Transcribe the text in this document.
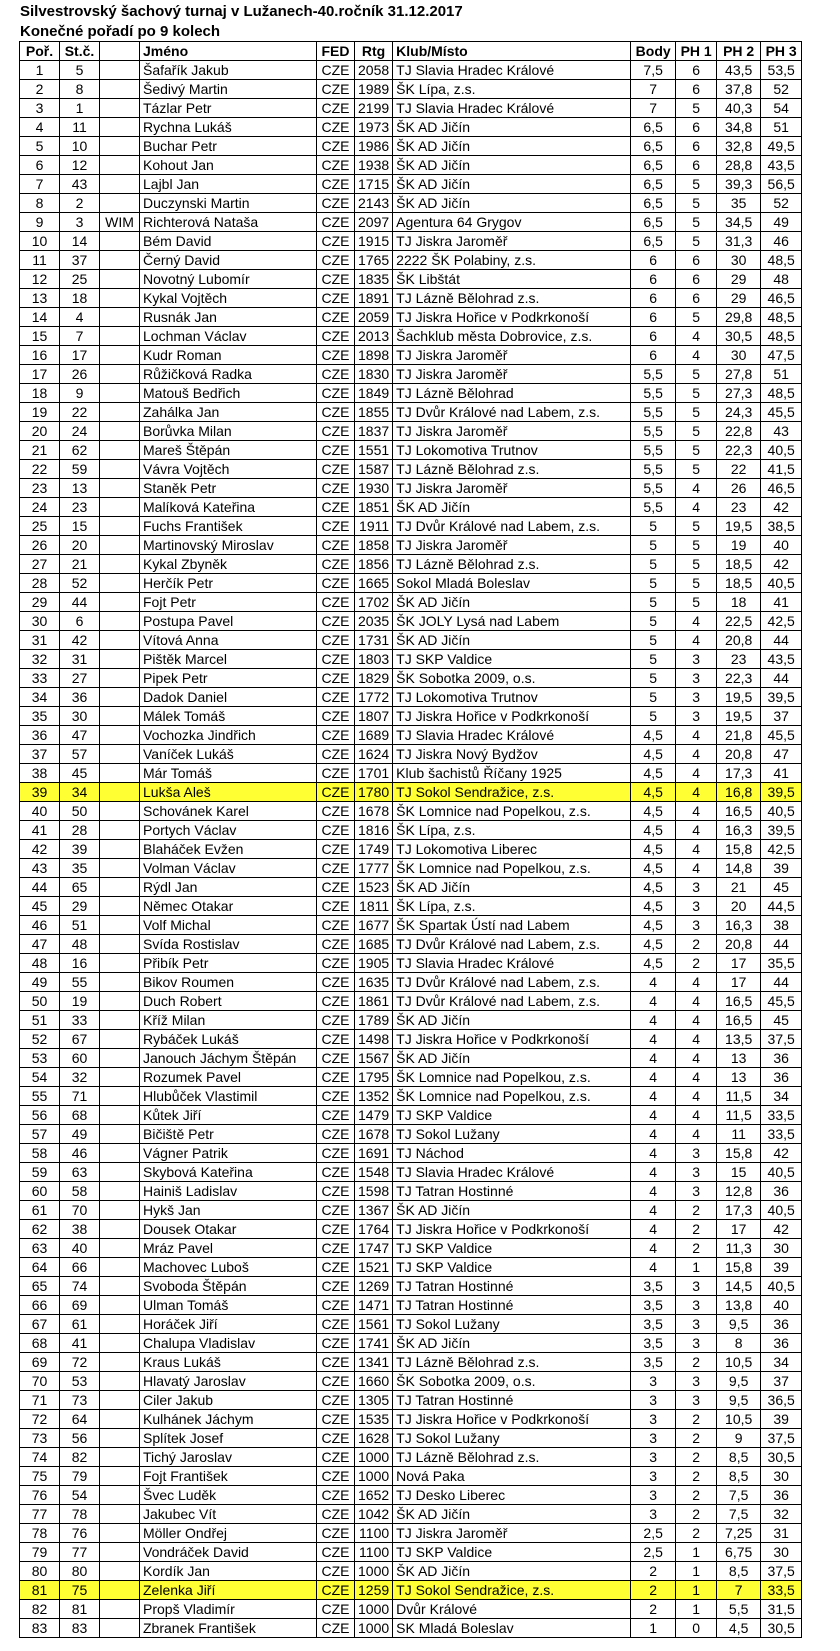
Silvestrovský šachový turnaj v Lužanech-40.ročník 31.12.2017
Konečné pořadí po 9 kolech
Poř.	St.č.		Jméno	FED	Rtg	Klub/Místo	Body	PH 1	PH 2	PH 3
1	5		Šafařík Jakub	CZE	2058	TJ Slavia Hradec Králové	7,5	6	43,5	53,5
2	8		Šedivý Martin	CZE	1989	ŠK Lípa, z.s.	7	6	37,8	52
3	1		Tázlar Petr	CZE	2199	TJ Slavia Hradec Králové	7	5	40,3	54
4	11		Rychna Lukáš	CZE	1973	ŠK AD Jičín	6,5	6	34,8	51
5	10		Buchar Petr	CZE	1986	ŠK AD Jičín	6,5	6	32,8	49,5
6	12		Kohout Jan	CZE	1938	ŠK AD Jičín	6,5	6	28,8	43,5
7	43		Lajbl Jan	CZE	1715	ŠK AD Jičín	6,5	5	39,3	56,5
8	2		Duczynski Martin	CZE	2143	ŠK AD Jičín	6,5	5	35	52
9	3	WIM	Richterová Nataša	CZE	2097	Agentura 64 Grygov	6,5	5	34,5	49
10	14		Bém David	CZE	1915	TJ Jiskra Jaroměř	6,5	5	31,3	46
11	37		Černý David	CZE	1765	2222 ŠK Polabiny, z.s.	6	6	30	48,5
12	25		Novotný Lubomír	CZE	1835	ŠK Libštát	6	6	29	48
13	18		Kykal Vojtěch	CZE	1891	TJ Lázně Bělohrad z.s.	6	6	29	46,5
14	4		Rusnák Jan	CZE	2059	TJ Jiskra Hořice v Podkrkonoší	6	5	29,8	48,5
15	7		Lochman Václav	CZE	2013	Šachklub města Dobrovice, z.s.	6	4	30,5	48,5
16	17		Kudr Roman	CZE	1898	TJ Jiskra Jaroměř	6	4	30	47,5
17	26		Růžičková Radka	CZE	1830	TJ Jiskra Jaroměř	5,5	5	27,8	51
18	9		Matouš Bedřich	CZE	1849	TJ Lázně Bělohrad	5,5	5	27,3	48,5
19	22		Zahálka Jan	CZE	1855	TJ Dvůr Králové nad Labem, z.s.	5,5	5	24,3	45,5
20	24		Borůvka Milan	CZE	1837	TJ Jiskra Jaroměř	5,5	5	22,8	43
21	62		Mareš Štěpán	CZE	1551	TJ Lokomotiva Trutnov	5,5	5	22,3	40,5
22	59		Vávra Vojtěch	CZE	1587	TJ Lázně Bělohrad z.s.	5,5	5	22	41,5
23	13		Staněk Petr	CZE	1930	TJ Jiskra Jaroměř	5,5	4	26	46,5
24	23		Malíková Kateřina	CZE	1851	ŠK AD Jičín	5,5	4	23	42
25	15		Fuchs František	CZE	1911	TJ Dvůr Králové nad Labem, z.s.	5	5	19,5	38,5
26	20		Martinovský Miroslav	CZE	1858	TJ Jiskra Jaroměř	5	5	19	40
27	21		Kykal Zbyněk	CZE	1856	TJ Lázně Bělohrad z.s.	5	5	18,5	42
28	52		Herčík Petr	CZE	1665	Sokol Mladá Boleslav	5	5	18,5	40,5
29	44		Fojt Petr	CZE	1702	ŠK AD Jičín	5	5	18	41
30	6		Postupa Pavel	CZE	2035	ŠK JOLY Lysá nad Labem	5	4	22,5	42,5
31	42		Vítová Anna	CZE	1731	ŠK AD Jičín	5	4	20,8	44
32	31		Pištěk Marcel	CZE	1803	TJ SKP Valdice	5	3	23	43,5
33	27		Pipek Petr	CZE	1829	ŠK Sobotka 2009, o.s.	5	3	22,3	44
34	36		Dadok Daniel	CZE	1772	TJ Lokomotiva Trutnov	5	3	19,5	39,5
35	30		Málek Tomáš	CZE	1807	TJ Jiskra Hořice v Podkrkonoší	5	3	19,5	37
36	47		Vochozka Jindřich	CZE	1689	TJ Slavia Hradec Králové	4,5	4	21,8	45,5
37	57		Vaníček Lukáš	CZE	1624	TJ Jiskra Nový Bydžov	4,5	4	20,8	47
38	45		Már Tomáš	CZE	1701	Klub šachistů Říčany 1925	4,5	4	17,3	41
39	34		Lukša Aleš	CZE	1780	TJ Sokol Sendražice, z.s.	4,5	4	16,8	39,5
40	50		Schovánek Karel	CZE	1678	ŠK Lomnice nad Popelkou, z.s.	4,5	4	16,5	40,5
41	28		Portych Václav	CZE	1816	ŠK Lípa, z.s.	4,5	4	16,3	39,5
42	39		Blaháček Evžen	CZE	1749	TJ Lokomotiva Liberec	4,5	4	15,8	42,5
43	35		Volman Václav	CZE	1777	ŠK Lomnice nad Popelkou, z.s.	4,5	4	14,8	39
44	65		Rýdl Jan	CZE	1523	ŠK AD Jičín	4,5	3	21	45
45	29		Němec Otakar	CZE	1811	ŠK Lípa, z.s.	4,5	3	20	44,5
46	51		Volf Michal	CZE	1677	ŠK Spartak Ústí nad Labem	4,5	3	16,3	38
47	48		Svída Rostislav	CZE	1685	TJ Dvůr Králové nad Labem, z.s.	4,5	2	20,8	44
48	16		Přibík Petr	CZE	1905	TJ Slavia Hradec Králové	4,5	2	17	35,5
49	55		Bikov Roumen	CZE	1635	TJ Dvůr Králové nad Labem, z.s.	4	4	17	44
50	19		Duch Robert	CZE	1861	TJ Dvůr Králové nad Labem, z.s.	4	4	16,5	45,5
51	33		Kříž Milan	CZE	1789	ŠK AD Jičín	4	4	16,5	45
52	67		Rybáček Lukáš	CZE	1498	TJ Jiskra Hořice v Podkrkonoší	4	4	13,5	37,5
53	60		Janouch Jáchym Štěpán	CZE	1567	ŠK AD Jičín	4	4	13	36
54	32		Rozumek Pavel	CZE	1795	ŠK Lomnice nad Popelkou, z.s.	4	4	13	36
55	71		Hlubůček Vlastimil	CZE	1352	ŠK Lomnice nad Popelkou, z.s.	4	4	11,5	34
56	68		Kůtek Jiří	CZE	1479	TJ SKP Valdice	4	4	11,5	33,5
57	49		Bičiště Petr	CZE	1678	TJ Sokol Lužany	4	4	11	33,5
58	46		Vágner Patrik	CZE	1691	TJ Náchod	4	3	15,8	42
59	63		Skybová Kateřina	CZE	1548	TJ Slavia Hradec Králové	4	3	15	40,5
60	58		Hainiš Ladislav	CZE	1598	TJ Tatran Hostinné	4	3	12,8	36
61	70		Hykš Jan	CZE	1367	ŠK AD Jičín	4	2	17,3	40,5
62	38		Dousek Otakar	CZE	1764	TJ Jiskra Hořice v Podkrkonoší	4	2	17	42
63	40		Mráz Pavel	CZE	1747	TJ SKP Valdice	4	2	11,3	30
64	66		Machovec Luboš	CZE	1521	TJ SKP Valdice	4	1	15,8	39
65	74		Svoboda Štěpán	CZE	1269	TJ Tatran Hostinné	3,5	3	14,5	40,5
66	69		Ulman Tomáš	CZE	1471	TJ Tatran Hostinné	3,5	3	13,8	40
67	61		Horáček Jiří	CZE	1561	TJ Sokol Lužany	3,5	3	9,5	36
68	41		Chalupa Vladislav	CZE	1741	ŠK AD Jičín	3,5	3	8	36
69	72		Kraus Lukáš	CZE	1341	TJ Lázně Bělohrad z.s.	3,5	2	10,5	34
70	53		Hlavatý Jaroslav	CZE	1660	ŠK Sobotka 2009, o.s.	3	3	9,5	37
71	73		Ciler Jakub	CZE	1305	TJ Tatran Hostinné	3	3	9,5	36,5
72	64		Kulhánek Jáchym	CZE	1535	TJ Jiskra Hořice v Podkrkonoší	3	2	10,5	39
73	56		Splítek Josef	CZE	1628	TJ Sokol Lužany	3	2	9	37,5
74	82		Tichý Jaroslav	CZE	1000	TJ Lázně Bělohrad z.s.	3	2	8,5	30,5
75	79		Fojt František	CZE	1000	Nová Paka	3	2	8,5	30
76	54		Švec Luděk	CZE	1652	TJ Desko Liberec	3	2	7,5	36
77	78		Jakubec Vít	CZE	1042	ŠK AD Jičín	3	2	7,5	32
78	76		Möller Ondřej	CZE	1100	TJ Jiskra Jaroměř	2,5	2	7,25	31
79	77		Vondráček David	CZE	1100	TJ SKP Valdice	2,5	1	6,75	30
80	80		Kordík Jan	CZE	1000	ŠK AD Jičín	2	1	8,5	37,5
81	75		Zelenka Jiří	CZE	1259	TJ Sokol Sendražice, z.s.	2	1	7	33,5
82	81		Propš Vladimír	CZE	1000	Dvůr Králové	2	1	5,5	31,5
83	83		Zbranek František	CZE	1000	SK Mladá Boleslav	1	0	4,5	30,5
